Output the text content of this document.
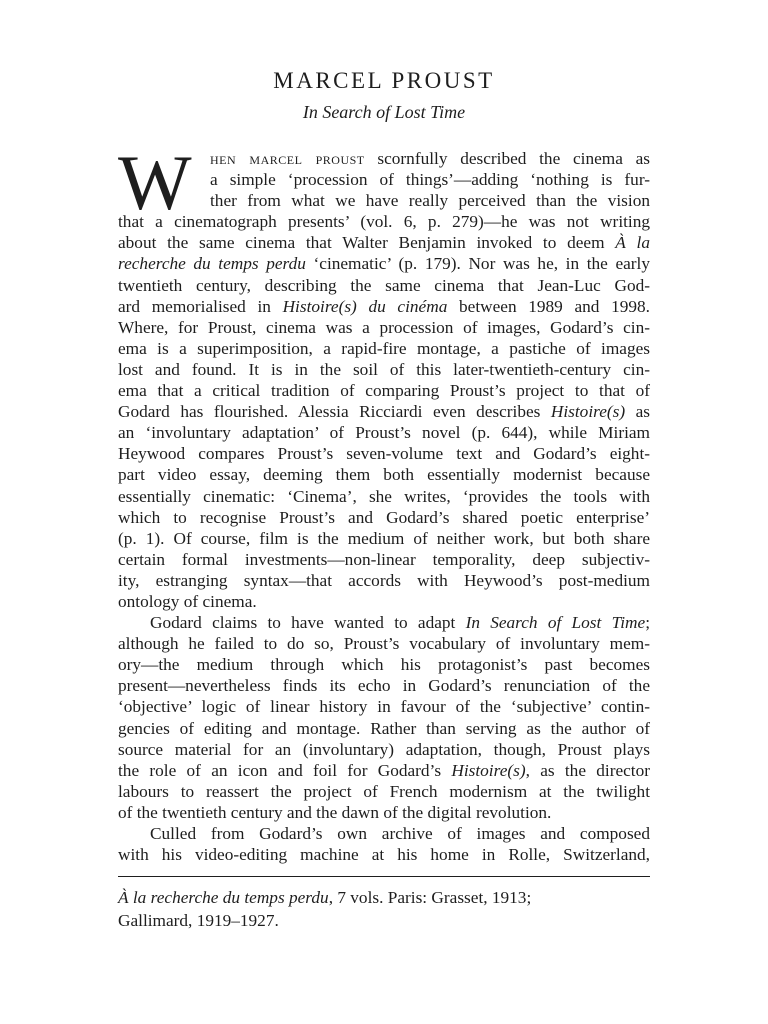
MARCEL PROUST
In Search of Lost Time
W	hen marcel proust scornfully described the cinema as
a simple ‘procession of things’—adding ‘nothing is fur-
ther from what we have really perceived than the vision
that a cinematograph presents’ (vol. 6, p. 279)—he was not writing
about the same cinema that Walter Benjamin invoked to deem À la
recherche du temps perdu ‘cinematic’ (p. 179). Nor was he, in the early
twentieth century, describing the same cinema that Jean-Luc God-
ard memorialised in Histoire(s) du cinéma between 1989 and 1998.
Where, for Proust, cinema was a procession of images, Godard’s cin-
ema is a superimposition, a rapid-fire montage, a pastiche of images
lost and found. It is in the soil of this later-twentieth-century cin-
ema that a critical tradition of comparing Proust’s project to that of
Godard has flourished. Alessia Ricciardi even describes Histoire(s) as
an ‘involuntary adaptation’ of Proust’s novel (p. 644), while Miriam
Heywood compares Proust’s seven-volume text and Godard’s eight-
part video essay, deeming them both essentially modernist because
essentially cinematic: ‘Cinema’, she writes, ‘provides the tools with
which to recognise Proust’s and Godard’s shared poetic enterprise’
(p. 1). Of course, film is the medium of neither work, but both share
certain formal investments—non-linear temporality, deep subjectiv-
ity, estranging syntax—that accords with Heywood’s post-medium
ontology of cinema.
Godard claims to have wanted to adapt In Search of Lost Time;
although he failed to do so, Proust’s vocabulary of involuntary mem-
ory—the medium through which his protagonist’s past becomes
present—nevertheless finds its echo in Godard’s renunciation of the
‘objective’ logic of linear history in favour of the ‘subjective’ contin-
gencies of editing and montage. Rather than serving as the author of
source material for an (involuntary) adaptation, though, Proust plays
the role of an icon and foil for Godard’s Histoire(s), as the director
labours to reassert the project of French modernism at the twilight
of the twentieth century and the dawn of the digital revolution.
Culled from Godard’s own archive of images and composed
with his video-editing machine at his home in Rolle, Switzerland,
À la recherche du temps perdu, 7 vols. Paris: Grasset, 1913;
Gallimard, 1919–1927.
